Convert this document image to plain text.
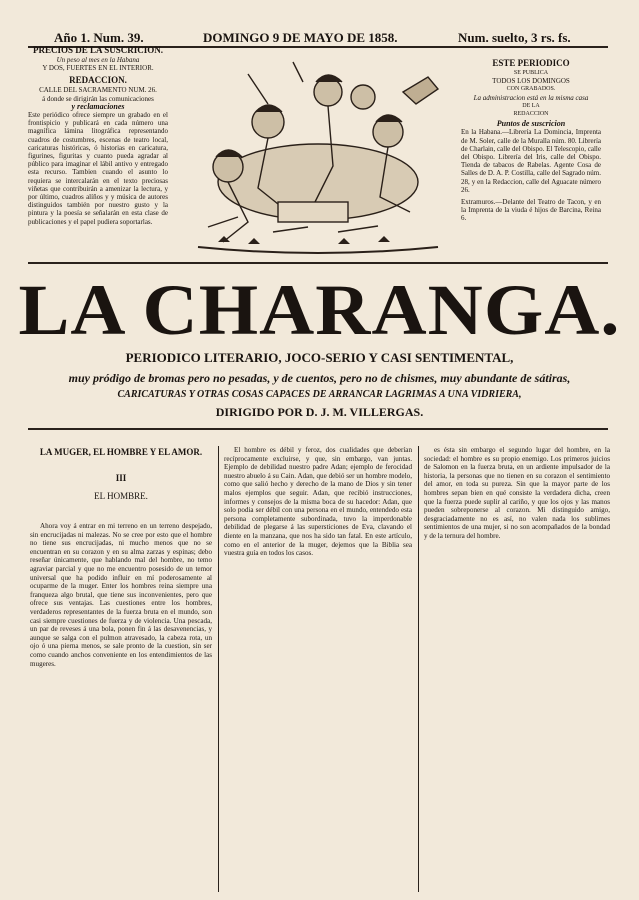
Año 1. Num. 39.	DOMINGO 9 DE MAYO DE 1858.	Num. suelto, 3 rs. fs.
PRECIOS DE LA SUSCRICION.
Un peso al mes en la Habana
Y DOS, FUERTES EN EL INTERIOR.
REDACCION.
CALLE DEL SACRAMENTO NUM. 26.
á donde se dirigirán las comunicaciones
y reclamaciones

Este periódico ofrece siempre un grabado en el frontispicio y publicará en cada número una magnífica lámina litográfica representando cuadros de costumbres, escenas de teatro local, caricaturas históricas, ó historias en caricatura, figurines, figuritas y cuanto pueda agradar al público para imaginar el lábil antivo y entregado esta recurso. Tambien cuando el asunto lo requiera se intercalarán en el texto preciosas viñetas que contribuirán a amenizar la lectura, y por último, cuadros alíños y y música de autores distinguidos también por nuestro gusto y la pintura y la poesía se señalarán en esta clase de publicaciones y el papel pudiera soportarlas.

ESTE PERIODICO
SE PUBLICA
TODOS LOS DOMINGOS
CON GRABADOS.
La administracion está en la misma casa
DE LA
REDACCION
Puntos de suscricion

En la Habana.—Librería La Domincia, Imprenta de M. Soler, calle de la Muralla núm. 80. Librería de Charlain, calle del Obispo. El Telescopio, calle del Obispo. Librería del Iris, calle del Obispo. Tienda de tabacos de Rabelas. Agente Cosa de Salles de D. A. P. Costilla, calle del Sagrado núm. 28, y en la Redaccion, calle del Aguacate número 26.

Extramuros.—Delante del Teatro de Tacon, y en la Imprenta de la viuda é hijos de Barcina, Reina 6.

LA CHARANGA.
PERIODICO LITERARIO, JOCO-SERIO Y CASI SENTIMENTAL,
muy pródigo de bromas pero no pesadas, y de cuentos, pero no de chismes, muy abundante de sátiras,
CARICATURAS Y OTRAS COSAS CAPACES DE ARRANCAR LAGRIMAS A UNA VIDRIERA,
DIRIGIDO POR D. J. M. VILLERGAS.
LA MUGER, EL HOMBRE Y EL AMOR.
III
EL HOMBRE.

Ahora voy á entrar en mi terreno en un terreno despejado, sin encrucijadas ni malezas. No se cree por esto que el hombre no tiene sus encrucijadas, ni mucho menos que no se encuentran en su corazon y en su alma zarzas y espinas; debo reseñar únicamente, que hablando mal del hombre, no temo agraviar parcial y que no me encuentro posesido de un temor universal que ha podido influir en mí poderosamente al ocuparme de la muger. Enter los hombres reina siempre una franqueza algo brutal, que tiene sus inconvenientes, pero que ofrece sus ventajas. Las cuestiones entre los hombres, verdaderos representantes de la fuerza bruta en el mundo, son casi siempre cuestiones de fuerza y de violencia. Una pescada, un par de reveses á una bola, ponen fin á las desavenencias, y aunque se salga con el pulmon atravesado, la cabeza rota, un ojo ó una pierna menos, se sale pronto de la cuestion, sin ser como cuando anchos conveniente en los entendimientos de las mugeres.

El hombre es débil y feroz, dos cualidades que deberían recíprocamente excluirse, y que, sin embargo, van juntas. Ejemplo de debilidad nuestro padre Adan; ejemplo de ferocidad nuestro abuelo á su Cain. Adan, que debió ser un hombre modelo, como que salió hecho y derecho de la mano de Dios y sin tener malos ejemplos que seguir. Adan, que recibió instrucciones, informes y consejos de la misma boca de su hacedor: Adan, que solo podia ser débil con una persona en el mundo, entendedo esta persona completamente subordinada, tuvo la imperdonable debilidad de plegarse á las supersticiones de Eva, clavando el diente en la manzana, que nos ha sido tan fatal. En este artículo, como en el anterior de la muger, dejemos que la Biblia sea vuestra guía en todos los casos.

es ésta sin embargo el segundo lugar del hombre, en la sociedad: el hombre es su propio enemigo. Los primeros juicios de Salomon en la fuerza bruta, en un ardiente impulsador de la historia, la personas que no tienen en su corazon el sentimiento del amor, en toda su pureza. Sin que la mayor parte de los hombres sepan bien en qué consiste la verdadera dicha, creen que la fuerza puede suplir al cariño, y que los ojos y las manos pueden sobreponerse al corazon. Mi distinguido amigo, desgraciadamente no es así, no valen nada los sublimes sentimientos de una mujer, si no son acompañados de la bondad y de la ternura del hombre.
